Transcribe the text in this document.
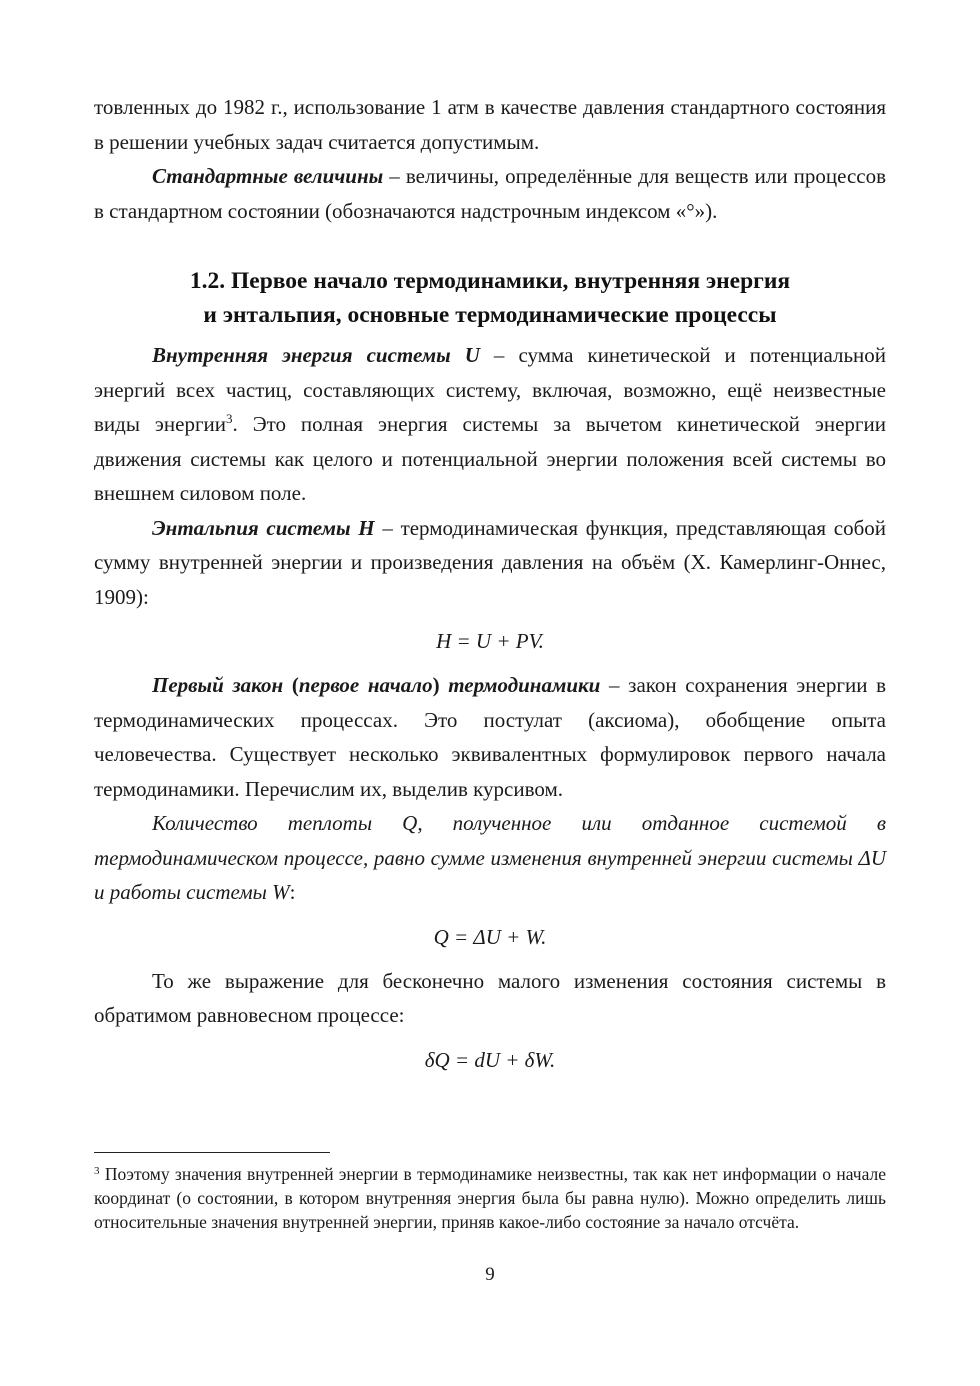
товленных до 1982 г., использование 1 атм в качестве давления стандартного состояния в решении учебных задач считается допустимым.

Стандартные величины – величины, определённые для веществ или процессов в стандартном состоянии (обозначаются надстрочным индексом «°»).

1.2. Первое начало термодинамики, внутренняя энергия
и энтальпия, основные термодинамические процессы

Внутренняя энергия системы U – сумма кинетической и потенциальной энергий всех частиц, составляющих систему, включая, возможно, ещё неизвестные виды энергии$^3$. Это полная энергия системы за вычетом кинетической энергии движения системы как целого и потенциальной энергии положения всей системы во внешнем силовом поле.

Энтальпия системы H – термодинамическая функция, представляющая собой сумму внутренней энергии и произведения давления на объём (Х. Камерлинг-Оннес, 1909):

H = U + PV.

Первый закон (первое начало) термодинамики – закон сохранения энергии в термодинамических процессах. Это постулат (аксиома), обобщение опыта человечества. Существует несколько эквивалентных формулировок первого начала термодинамики. Перечислим их, выделив курсивом.

Количество теплоты Q, полученное или отданное системой в термодинамическом процессе, равно сумме изменения внутренней энергии системы ΔU и работы системы W:

Q = ΔU + W.

То же выражение для бесконечно малого изменения состояния системы в обратимом равновесном процессе:

δQ = dU + δW.

$^3$ Поэтому значения внутренней энергии в термодинамике неизвестны, так как нет информации о начале координат (о состоянии, в котором внутренняя энергия была бы равна нулю). Можно определить лишь относительные значения внутренней энергии, приняв какое-либо состояние за начало отсчёта.
9
